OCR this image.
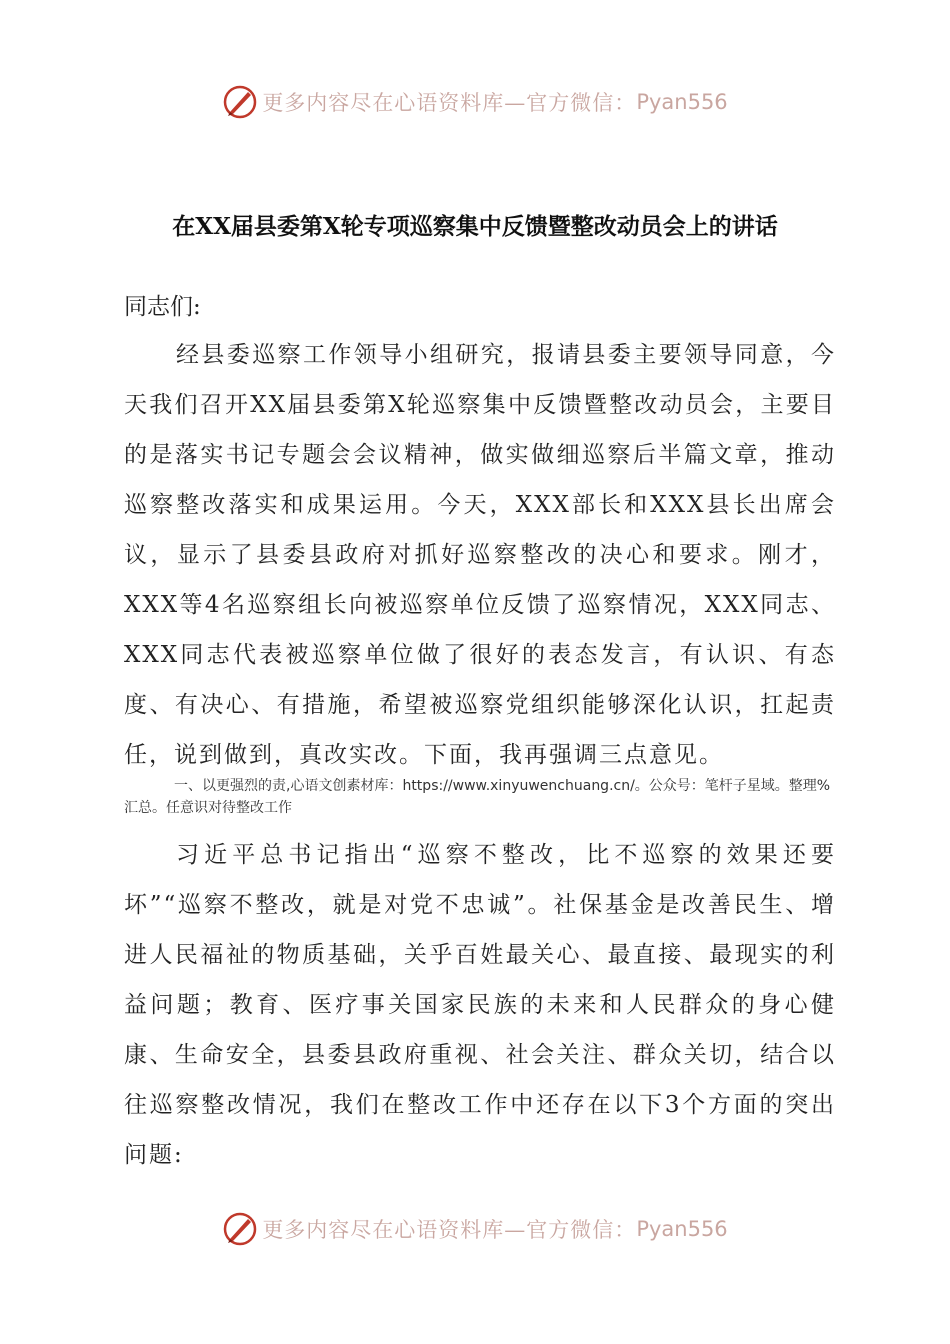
更多内容尽在心语资料库—官方微信： Pyan556
在XX届县委第X轮专项巡察集中反馈暨整改动员会上的讲话
同志们:
经县委巡察工作领导小组研究，报请县委主要领导同意，今天我们召开XX届县委第X轮巡察集中反馈暨整改动员会，主要目的是落实书记专题会会议精神，做实做细巡察后半篇文章，推动巡察整改落实和成果运用。今天，XXX部长和XXX县长出席会议，显示了县委县政府对抓好巡察整改的决心和要求。刚才，XXX等4名巡察组长向被巡察单位反馈了巡察情况，XXX同志、XXX同志代表被巡察单位做了很好的表态发言，有认识、有态度、有决心、有措施，希望被巡察党组织能够深化认识，扛起责任，说到做到，真改实改。下面，我再强调三点意见。
一、以更强烈的责,心语文创素材库：https://www.xinyuwenchuang.cn/。公众号：笔杆子星域。整理%汇总。任意识对待整改工作
习近平总书记指出“巡察不整改，比不巡察的效果还要坏”“巡察不整改，就是对党不忠诚”。社保基金是改善民生、增进人民福祉的物质基础，关乎百姓最关心、最直接、最现实的利益问题；教育、医疗事关国家民族的未来和人民群众的身心健康、生命安全，县委县政府重视、社会关注、群众关切，结合以往巡察整改情况，我们在整改工作中还存在以下3个方面的突出问题:
更多内容尽在心语资料库—官方微信： Pyan556
